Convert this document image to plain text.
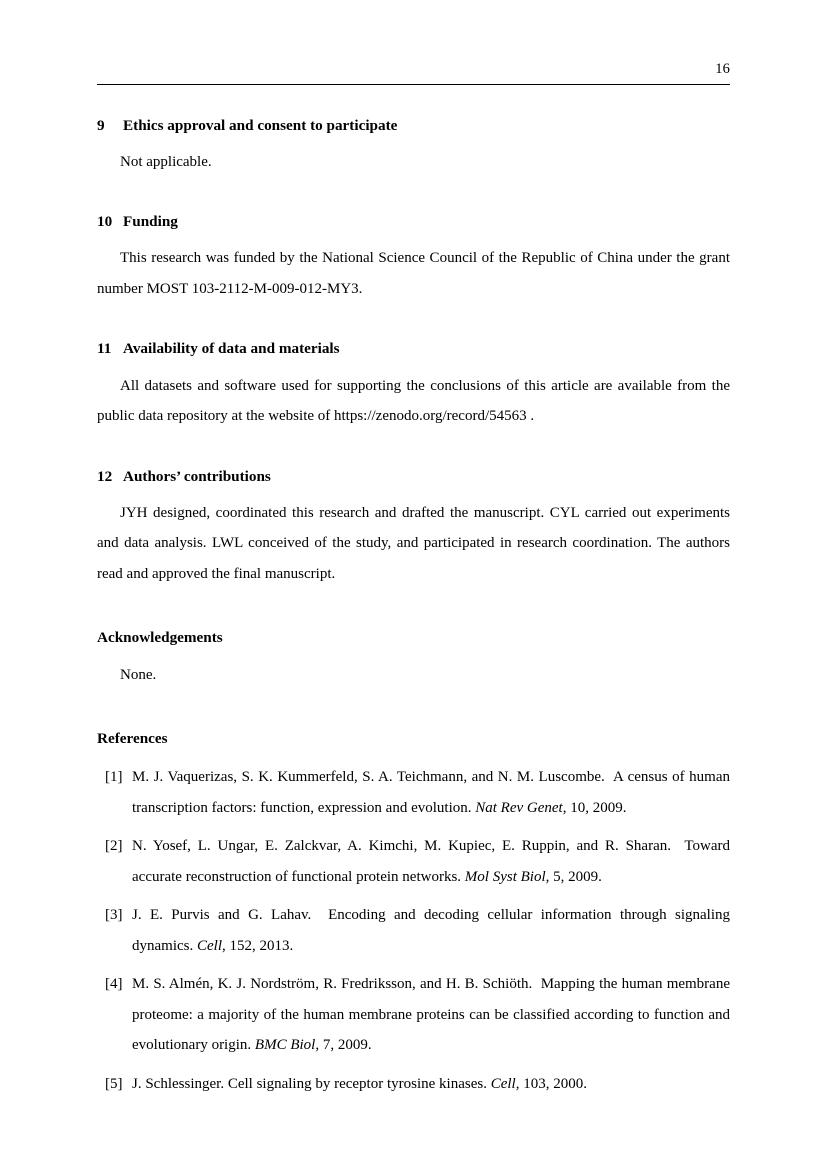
16
9 Ethics approval and consent to participate

Not applicable.

10 Funding

This research was funded by the National Science Council of the Republic of China under the grant number MOST 103-2112-M-009-012-MY3.

11 Availability of data and materials

All datasets and software used for supporting the conclusions of this article are available from the public data repository at the website of https://zenodo.org/record/54563 .

12 Authors’ contributions

JYH designed, coordinated this research and drafted the manuscript. CYL carried out experiments and data analysis. LWL conceived of the study, and participated in research coordination. The authors read and approved the final manuscript.

Acknowledgements

None.

References
[1] M. J. Vaquerizas, S. K. Kummerfeld, S. A. Teichmann, and N. M. Luscombe. A census of human transcription factors: function, expression and evolution. Nat Rev Genet, 10, 2009.
[2] N. Yosef, L. Ungar, E. Zalckvar, A. Kimchi, M. Kupiec, E. Ruppin, and R. Sharan. Toward accurate reconstruction of functional protein networks. Mol Syst Biol, 5, 2009.
[3] J. E. Purvis and G. Lahav. Encoding and decoding cellular information through signaling dynamics. Cell, 152, 2013.
[4] M. S. Almén, K. J. Nordström, R. Fredriksson, and H. B. Schiöth. Mapping the human membrane proteome: a majority of the human membrane proteins can be classified according to function and evolutionary origin. BMC Biol, 7, 2009.
[5] J. Schlessinger. Cell signaling by receptor tyrosine kinases. Cell, 103, 2000.
